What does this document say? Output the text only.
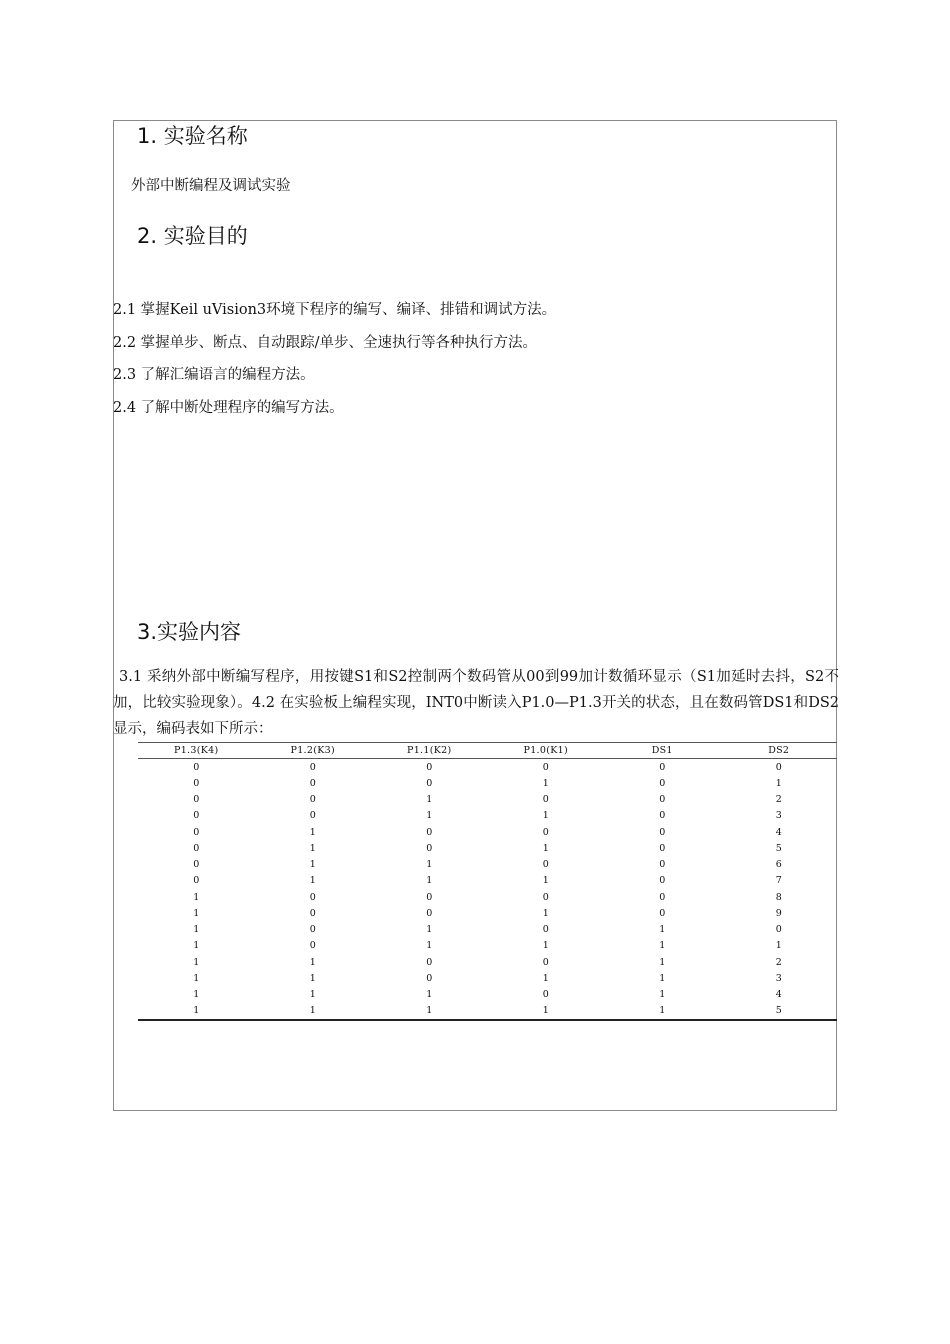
1. 实验名称
外部中断编程及调试实验
2. 实验目的
2.1 掌握Keil uVision3环境下程序的编写、编译、排错和调试方法。
2.2 掌握单步、断点、自动跟踪/单步、全速执行等各种执行方法。
2.3 了解汇编语言的编程方法。
2.4 了解中断处理程序的编写方法。
3.实验内容
3.1 采纳外部中断编写程序，用按键S1和S2控制两个数码管从00到99加计数循环显示（S1加延时去抖，S2不加，比较实验现象）。4.2 在实验板上编程实现，INT0中断读入P1.0—P1.3开关的状态，且在数码管DS1和DS2 显示，编码表如下所示：
P1.3(K4)	P1.2(K3)	P1.1(K2)	P1.0(K1)	DS1	DS2
0	0	0	0	0	0
0	0	0	1	0	1
0	0	1	0	0	2
0	0	1	1	0	3
0	1	0	0	0	4
0	1	0	1	0	5
0	1	1	0	0	6
0	1	1	1	0	7
1	0	0	0	0	8
1	0	0	1	0	9
1	0	1	0	1	0
1	0	1	1	1	1
1	1	0	0	1	2
1	1	0	1	1	3
1	1	1	0	1	4
1	1	1	1	1	5
